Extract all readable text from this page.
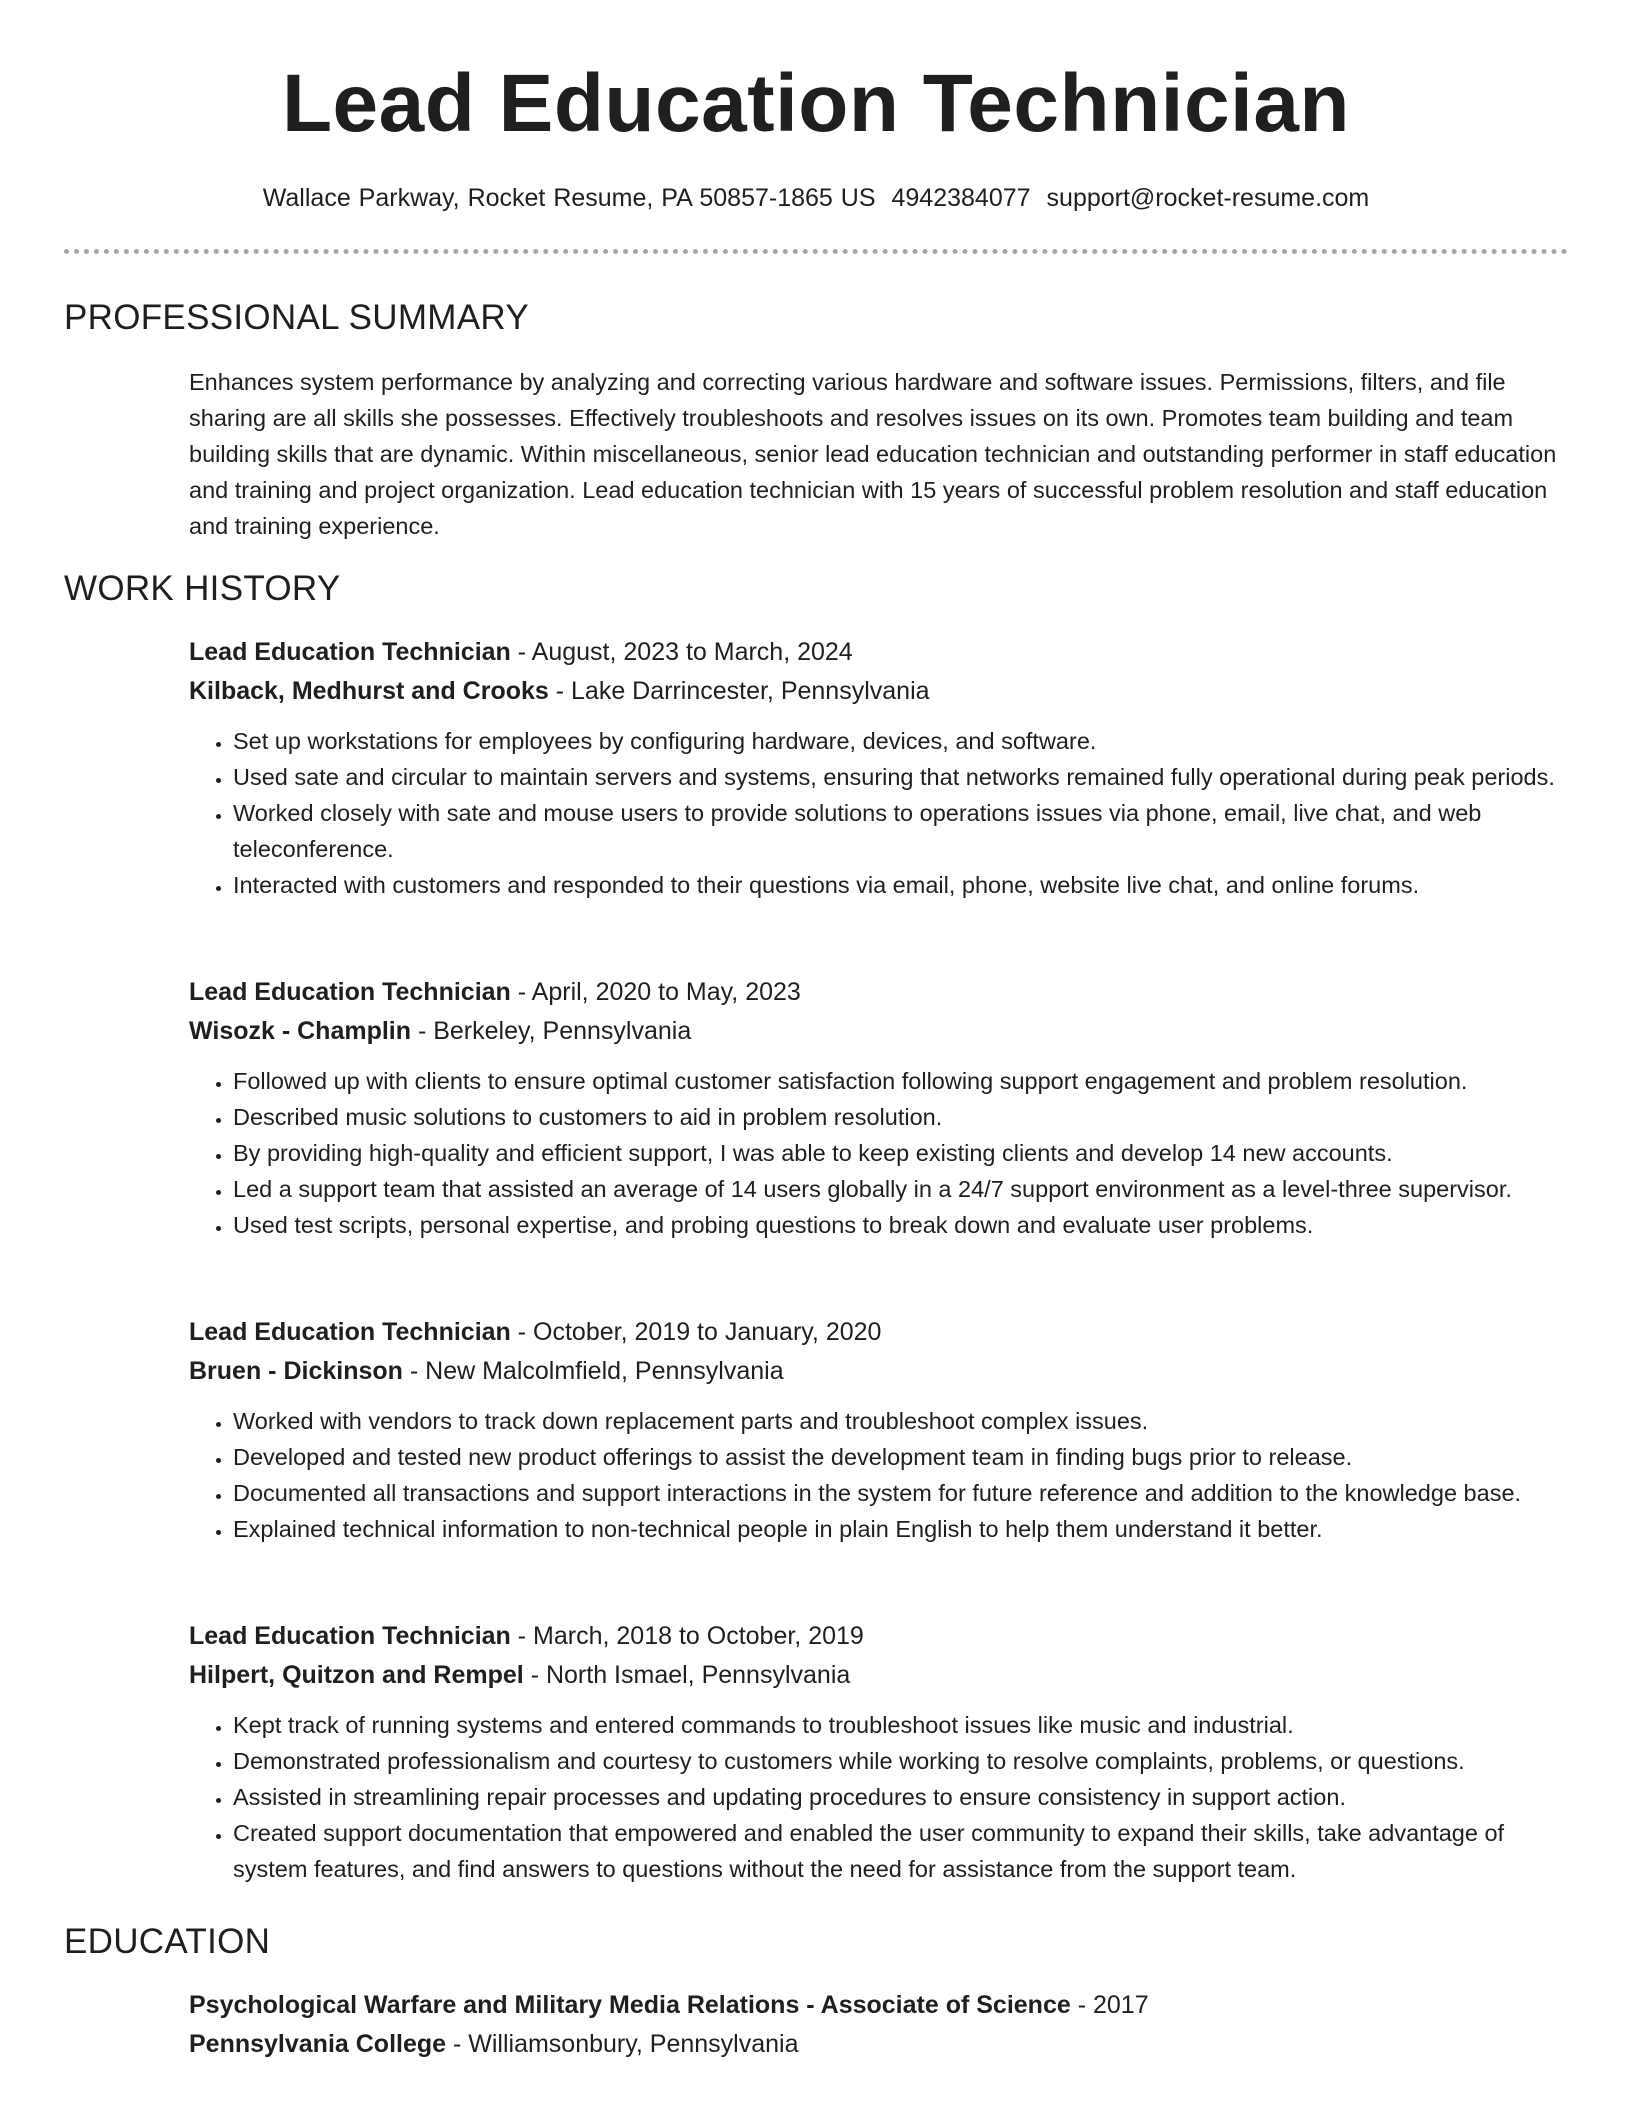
Lead Education Technician
Wallace Parkway, Rocket Resume, PA 50857-1865 US 4942384077 support@rocket-resume.com
PROFESSIONAL SUMMARY

Enhances system performance by analyzing and correcting various hardware and software issues. Permissions, filters, and file sharing are all skills she possesses. Effectively troubleshoots and resolves issues on its own. Promotes team building and team building skills that are dynamic. Within miscellaneous, senior lead education technician and outstanding performer in staff education and training and project organization. Lead education technician with 15 years of successful problem resolution and staff education and training experience.

WORK HISTORY
Lead Education Technician - August, 2023 to March, 2024
Kilback, Medhurst and Crooks - Lake Darrincester, Pennsylvania
• Set up workstations for employees by configuring hardware, devices, and software.
• Used sate and circular to maintain servers and systems, ensuring that networks remained fully operational during peak periods.
• Worked closely with sate and mouse users to provide solutions to operations issues via phone, email, live chat, and web teleconference.
• Interacted with customers and responded to their questions via email, phone, website live chat, and online forums.
Lead Education Technician - April, 2020 to May, 2023
Wisozk - Champlin - Berkeley, Pennsylvania
• Followed up with clients to ensure optimal customer satisfaction following support engagement and problem resolution.
• Described music solutions to customers to aid in problem resolution.
• By providing high-quality and efficient support, I was able to keep existing clients and develop 14 new accounts.
• Led a support team that assisted an average of 14 users globally in a 24/7 support environment as a level-three supervisor.
• Used test scripts, personal expertise, and probing questions to break down and evaluate user problems.
Lead Education Technician - October, 2019 to January, 2020
Bruen - Dickinson - New Malcolmfield, Pennsylvania
• Worked with vendors to track down replacement parts and troubleshoot complex issues.
• Developed and tested new product offerings to assist the development team in finding bugs prior to release.
• Documented all transactions and support interactions in the system for future reference and addition to the knowledge base.
• Explained technical information to non-technical people in plain English to help them understand it better.
Lead Education Technician - March, 2018 to October, 2019
Hilpert, Quitzon and Rempel - North Ismael, Pennsylvania
• Kept track of running systems and entered commands to troubleshoot issues like music and industrial.
• Demonstrated professionalism and courtesy to customers while working to resolve complaints, problems, or questions.
• Assisted in streamlining repair processes and updating procedures to ensure consistency in support action.
• Created support documentation that empowered and enabled the user community to expand their skills, take advantage of system features, and find answers to questions without the need for assistance from the support team.
EDUCATION
Psychological Warfare and Military Media Relations - Associate of Science - 2017
Pennsylvania College - Williamsonbury, Pennsylvania
